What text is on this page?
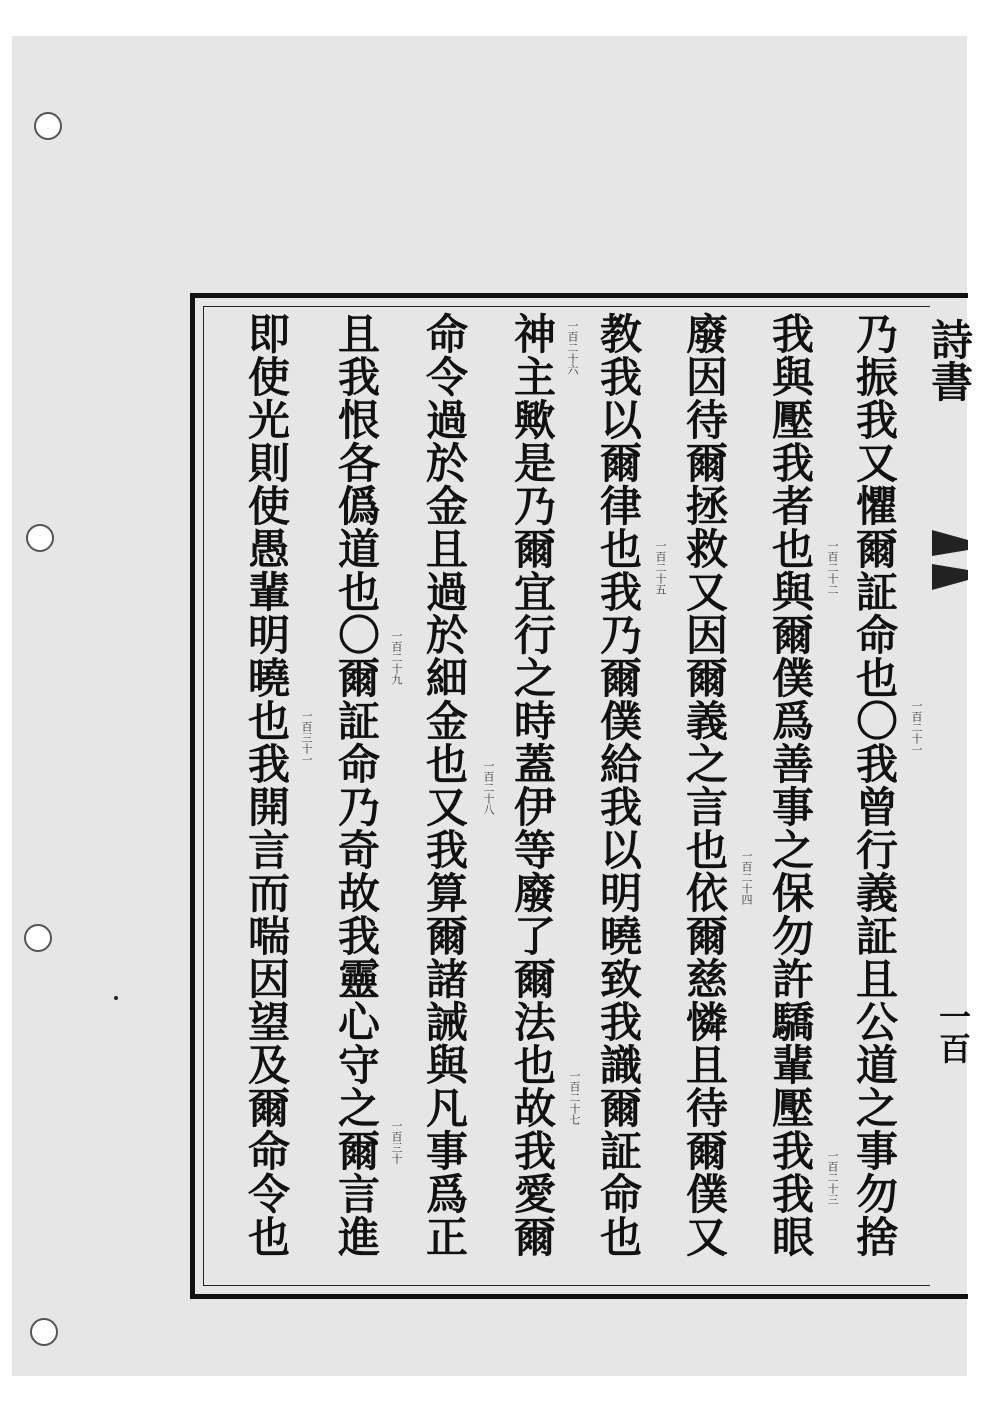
詩書
一百
乃振我又懼爾証命也〇我曾行義証且公道之事勿捨
我與壓我者也與爾僕爲善事之保勿許驕輩壓我我眼
廢因待爾拯救又因爾義之言也依爾慈憐且待爾僕又
教我以爾律也我乃爾僕給我以明曉致我識爾証命也
神主歟是乃爾宜行之時蓋伊等廢了爾法也故我愛爾
命令過於金且過於細金也又我算爾諸誡與凡事爲正
且我恨各僞道也〇爾証命乃奇故我靈心守之爾言進
即使光則使愚輩明曉也我開言而喘因望及爾命令也	一百二十一
一百二十二
一百二十三
一百二十四
一百二十五
一百二十六
一百二十七
一百二十八
一百二十九
一百三十
一百三十一
